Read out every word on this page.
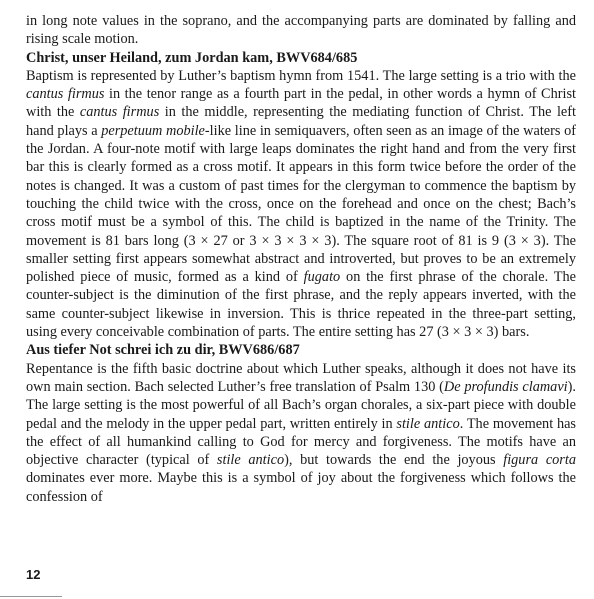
in long note values in the soprano, and the accompanying parts are dominated by falling and rising scale motion.

Christ, unser Heiland, zum Jordan kam, BWV684/685

Baptism is represented by Luther’s baptism hymn from 1541. The large setting is a trio with the cantus firmus in the tenor range as a fourth part in the pedal, in other words a hymn of Christ with the cantus firmus in the middle, representing the mediating function of Christ. The left hand plays a perpetuum mobile-like line in semiquavers, often seen as an image of the waters of the Jordan. A four-note motif with large leaps dominates the right hand and from the very first bar this is clearly formed as a cross motif. It appears in this form twice before the order of the notes is changed. It was a custom of past times for the clergyman to commence the baptism by touching the child twice with the cross, once on the forehead and once on the chest; Bach’s cross motif must be a symbol of this. The child is baptized in the name of the Trinity. The movement is 81 bars long (3 × 27 or 3 × 3 × 3 × 3). The square root of 81 is 9 (3 × 3). The smaller setting first appears somewhat abstract and introverted, but proves to be an extremely polished piece of music, formed as a kind of fugato on the first phrase of the chorale. The counter-subject is the diminution of the first phrase, and the reply appears inverted, with the same counter-subject likewise in inversion. This is thrice repeated in the three-part setting, using every conceivable combination of parts. The entire setting has 27 (3 × 3 × 3) bars.

Aus tiefer Not schrei ich zu dir, BWV686/687

Repentance is the fifth basic doctrine about which Luther speaks, although it does not have its own main section. Bach selected Luther’s free translation of Psalm 130 (De profundis clamavi). The large setting is the most powerful of all Bach’s organ chorales, a six-part piece with double pedal and the melody in the upper pedal part, written entirely in stile antico. The movement has the effect of all humankind calling to God for mercy and forgiveness. The motifs have an objective character (typical of stile antico), but towards the end the joyous figura corta dominates ever more. Maybe this is a symbol of joy about the forgiveness which follows the confession of

12
